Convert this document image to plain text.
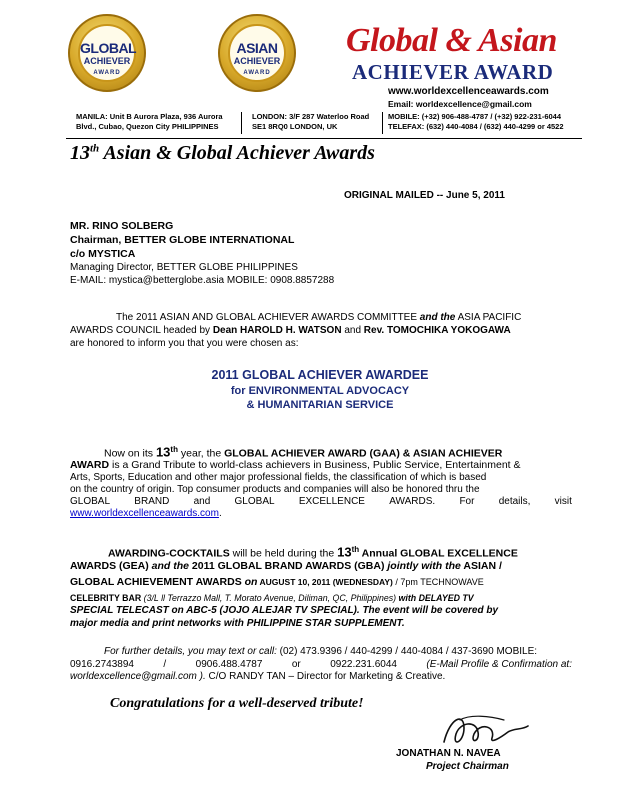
GLOBAL
ACHIEVER
AWARD
ASIAN
ACHIEVER
AWARD
Global & Asian
ACHIEVER AWARD
www.worldexcellenceawards.com
Email: worldexcellence@gmail.com
MANILA: Unit B Aurora Plaza, 936 Aurora
Blvd., Cubao, Quezon City PHILIPPINES
LONDON: 3/F 287 Waterloo Road
SE1 8RQ0 LONDON, UK
MOBILE: (+32) 906-488-4787 / (+32) 922-231-6044
TELEFAX: (632) 440-4084 / (632) 440-4299 or 4522
13th Asian & Global Achiever Awards
ORIGINAL MAILED -- June 5, 2011
MR. RINO SOLBERG
Chairman, BETTER GLOBE INTERNATIONAL
c/o MYSTICA
Managing Director, BETTER GLOBE PHILIPPINES
E-MAIL: mystica@betterglobe.asia MOBILE: 0908.8857288
The 2011 ASIAN AND GLOBAL ACHIEVER AWARDS COMMITTEE and the ASIA PACIFIC
AWARDS COUNCIL headed by Dean HAROLD H. WATSON and Rev. TOMOCHIKA YOKOGAWA
are honored to inform you that you were chosen as:
2011 GLOBAL ACHIEVER AWARDEE
for ENVIRONMENTAL ADVOCACY
& HUMANITARIAN SERVICE
Now on its 13th year, the GLOBAL ACHIEVER AWARD (GAA) & ASIAN ACHIEVER
AWARD is a Grand Tribute to world-class achievers in Business, Public Service, Entertainment &
Arts, Sports, Education and other major professional fields, the classification of which is based
on the country of origin. Top consumer products and companies will also be honored thru the
GLOBAL BRAND and GLOBAL EXCELLENCE AWARDS. For details, visit
www.worldexcellenceawards.com.
AWARDING-COCKTAILS will be held during the 13th Annual GLOBAL EXCELLENCE
AWARDS (GEA) and the 2011 GLOBAL BRAND AWARDS (GBA) jointly with the ASIAN /
GLOBAL ACHIEVEMENT AWARDS on AUGUST 10, 2011 (WEDNESDAY) / 7pm TECHNOWAVE
CELEBRITY BAR (3/L ll Terrazzo Mall, T. Morato Avenue, Diliman, QC, Philippines) with DELAYED TV
SPECIAL TELECAST on ABC-5 (JOJO ALEJAR TV SPECIAL). The event will be covered by
major media and print networks with PHILIPPINE STAR SUPPLEMENT.
For further details, you may text or call: (02) 473.9396 / 440-4299 / 440-4084 / 437-3690 MOBILE:
0916.2743894	/	0906.488.4787	or	0922.231.6044	(E-Mail Profile & Confirmation at:
worldexcellence@gmail.com ). C/O RANDY TAN – Director for Marketing & Creative.
Congratulations for a well-deserved tribute!
JONATHAN N. NAVEA
Project Chairman
